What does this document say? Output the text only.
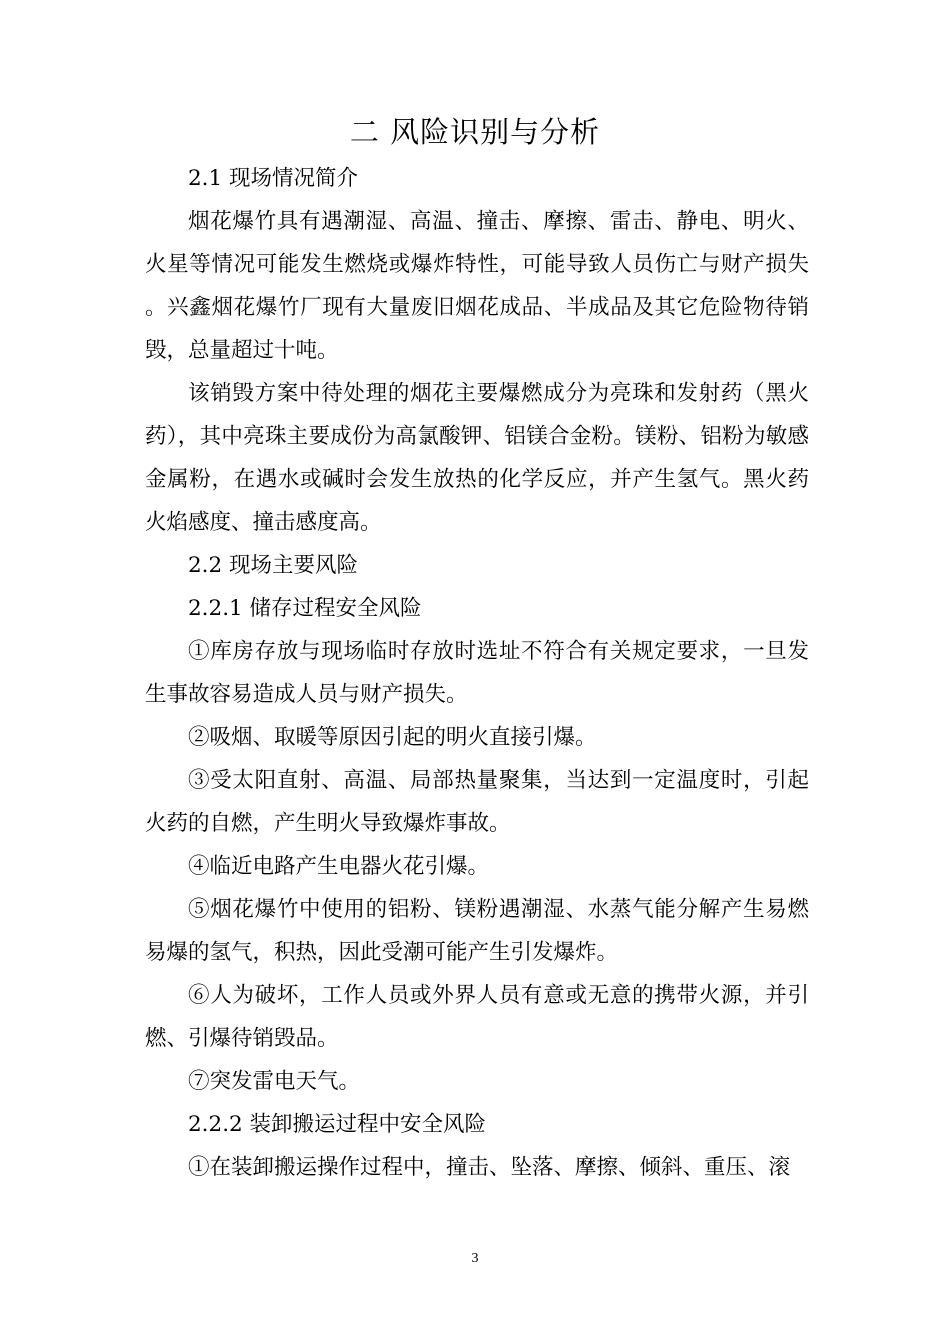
二 风险识别与分析

2.1 现场情况简介

烟花爆竹具有遇潮湿、高温、撞击、摩擦、雷击、静电、明火、火星等情况可能发生燃烧或爆炸特性，可能导致人员伤亡与财产损失。兴鑫烟花爆竹厂现有大量废旧烟花成品、半成品及其它危险物待销毁，总量超过十吨。

该销毁方案中待处理的烟花主要爆燃成分为亮珠和发射药（黑火药），其中亮珠主要成份为高氯酸钾、铝镁合金粉。镁粉、铝粉为敏感金属粉，在遇水或碱时会发生放热的化学反应，并产生氢气。黑火药火焰感度、撞击感度高。

2.2 现场主要风险

2.2.1 储存过程安全风险

①库房存放与现场临时存放时选址不符合有关规定要求，一旦发生事故容易造成人员与财产损失。

②吸烟、取暖等原因引起的明火直接引爆。

③受太阳直射、高温、局部热量聚集，当达到一定温度时，引起火药的自燃，产生明火导致爆炸事故。

④临近电路产生电器火花引爆。

⑤烟花爆竹中使用的铝粉、镁粉遇潮湿、水蒸气能分解产生易燃易爆的氢气，积热，因此受潮可能产生引发爆炸。

⑥人为破坏，工作人员或外界人员有意或无意的携带火源，并引燃、引爆待销毁品。

⑦突发雷电天气。

2.2.2 装卸搬运过程中安全风险

①在装卸搬运操作过程中，撞击、坠落、摩擦、倾斜、重压、滚

3
